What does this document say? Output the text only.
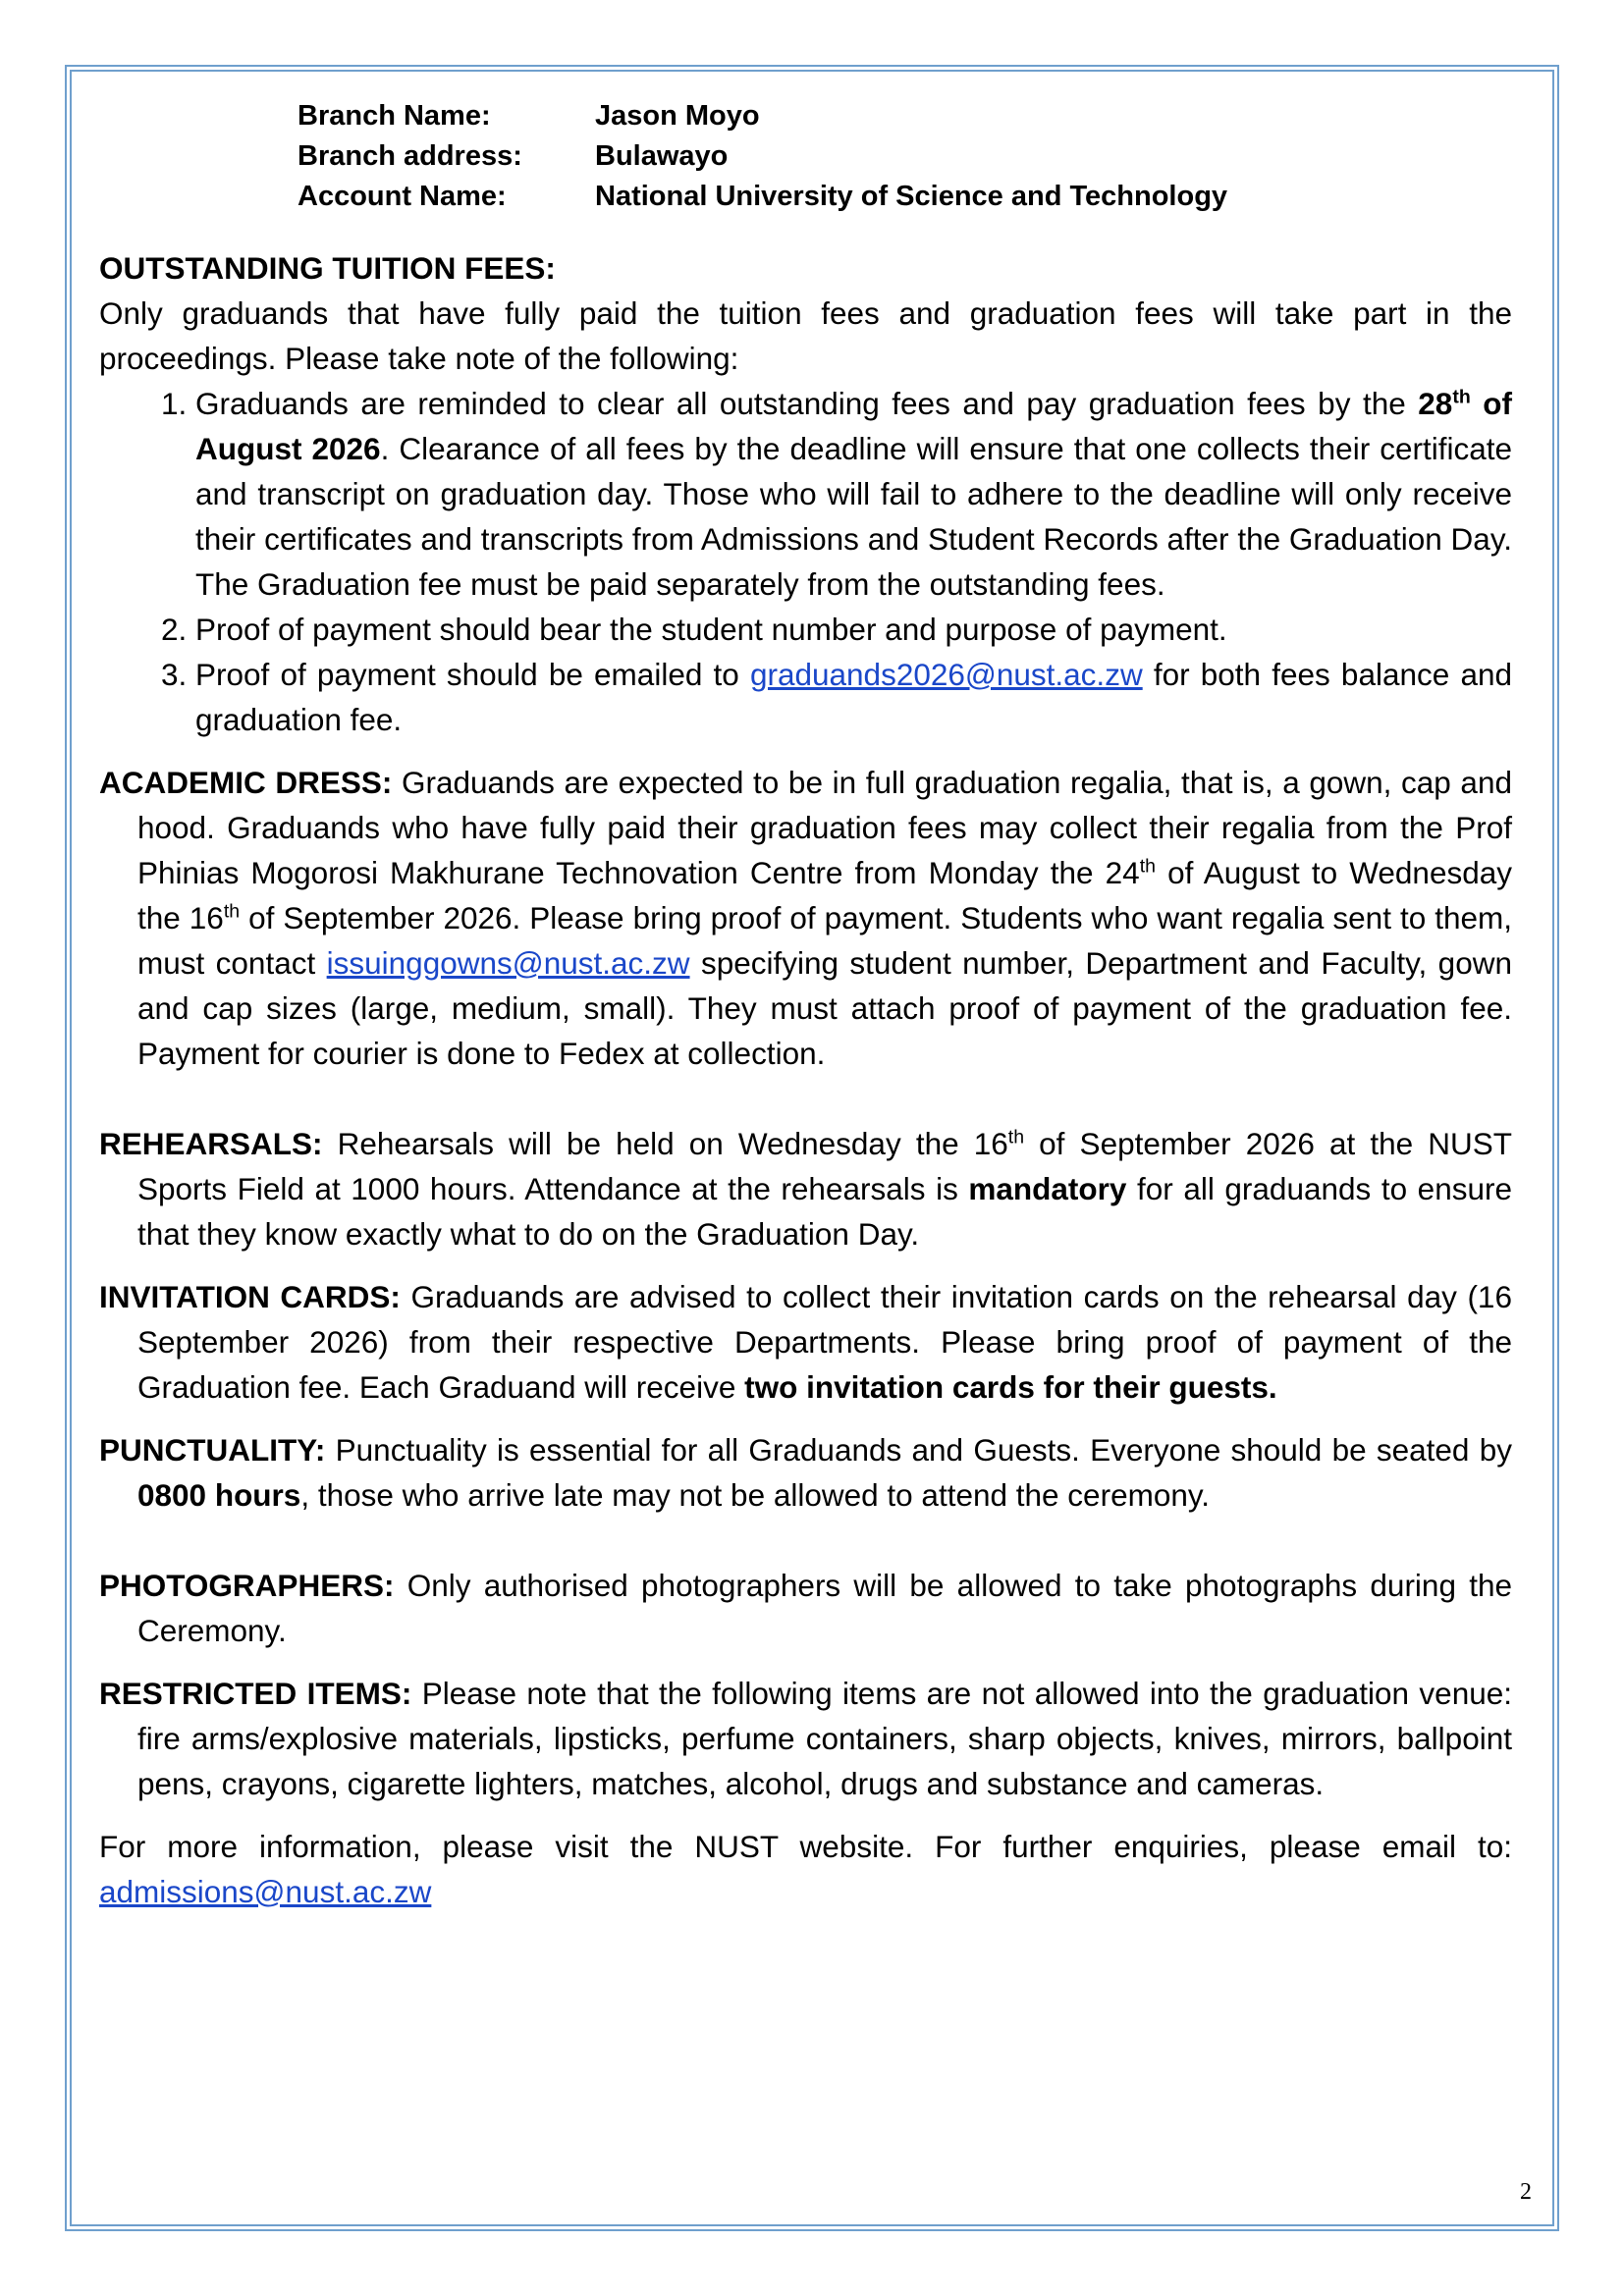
Branch Name:	Jason Moyo
Branch address:	Bulawayo
Account Name:	National University of Science and Technology
OUTSTANDING TUITION FEES:

Only graduands that have fully paid the tuition fees and graduation fees will take part in the proceedings. Please take note of the following:

1. Graduands are reminded to clear all outstanding fees and pay graduation fees by the 28th of August 2026. Clearance of all fees by the deadline will ensure that one collects their certificate and transcript on graduation day. Those who will fail to adhere to the deadline will only receive their certificates and transcripts from Admissions and Student Records after the Graduation Day. The Graduation fee must be paid separately from the outstanding fees.
2. Proof of payment should bear the student number and purpose of payment.
3. Proof of payment should be emailed to graduands2026@nust.ac.zw for both fees balance and graduation fee.

ACADEMIC DRESS: Graduands are expected to be in full graduation regalia, that is, a gown, cap and hood. Graduands who have fully paid their graduation fees may collect their regalia from the Prof Phinias Mogorosi Makhurane Technovation Centre from Monday the 24th of August to Wednesday the 16th of September 2026. Please bring proof of payment. Students who want regalia sent to them, must contact issuinggowns@nust.ac.zw specifying student number, Department and Faculty, gown and cap sizes (large, medium, small). They must attach proof of payment of the graduation fee. Payment for courier is done to Fedex at collection.

REHEARSALS: Rehearsals will be held on Wednesday the 16th of September 2026 at the NUST Sports Field at 1000 hours. Attendance at the rehearsals is mandatory for all graduands to ensure that they know exactly what to do on the Graduation Day.

INVITATION CARDS: Graduands are advised to collect their invitation cards on the rehearsal day (16 September 2026) from their respective Departments. Please bring proof of payment of the Graduation fee. Each Graduand will receive two invitation cards for their guests.

PUNCTUALITY: Punctuality is essential for all Graduands and Guests. Everyone should be seated by 0800 hours, those who arrive late may not be allowed to attend the ceremony.

PHOTOGRAPHERS: Only authorised photographers will be allowed to take photographs during the Ceremony.

RESTRICTED ITEMS: Please note that the following items are not allowed into the graduation venue: fire arms/explosive materials, lipsticks, perfume containers, sharp objects, knives, mirrors, ballpoint pens, crayons, cigarette lighters, matches, alcohol, drugs and substance and cameras.

For more information, please visit the NUST website. For further enquiries, please email to: admissions@nust.ac.zw

2
